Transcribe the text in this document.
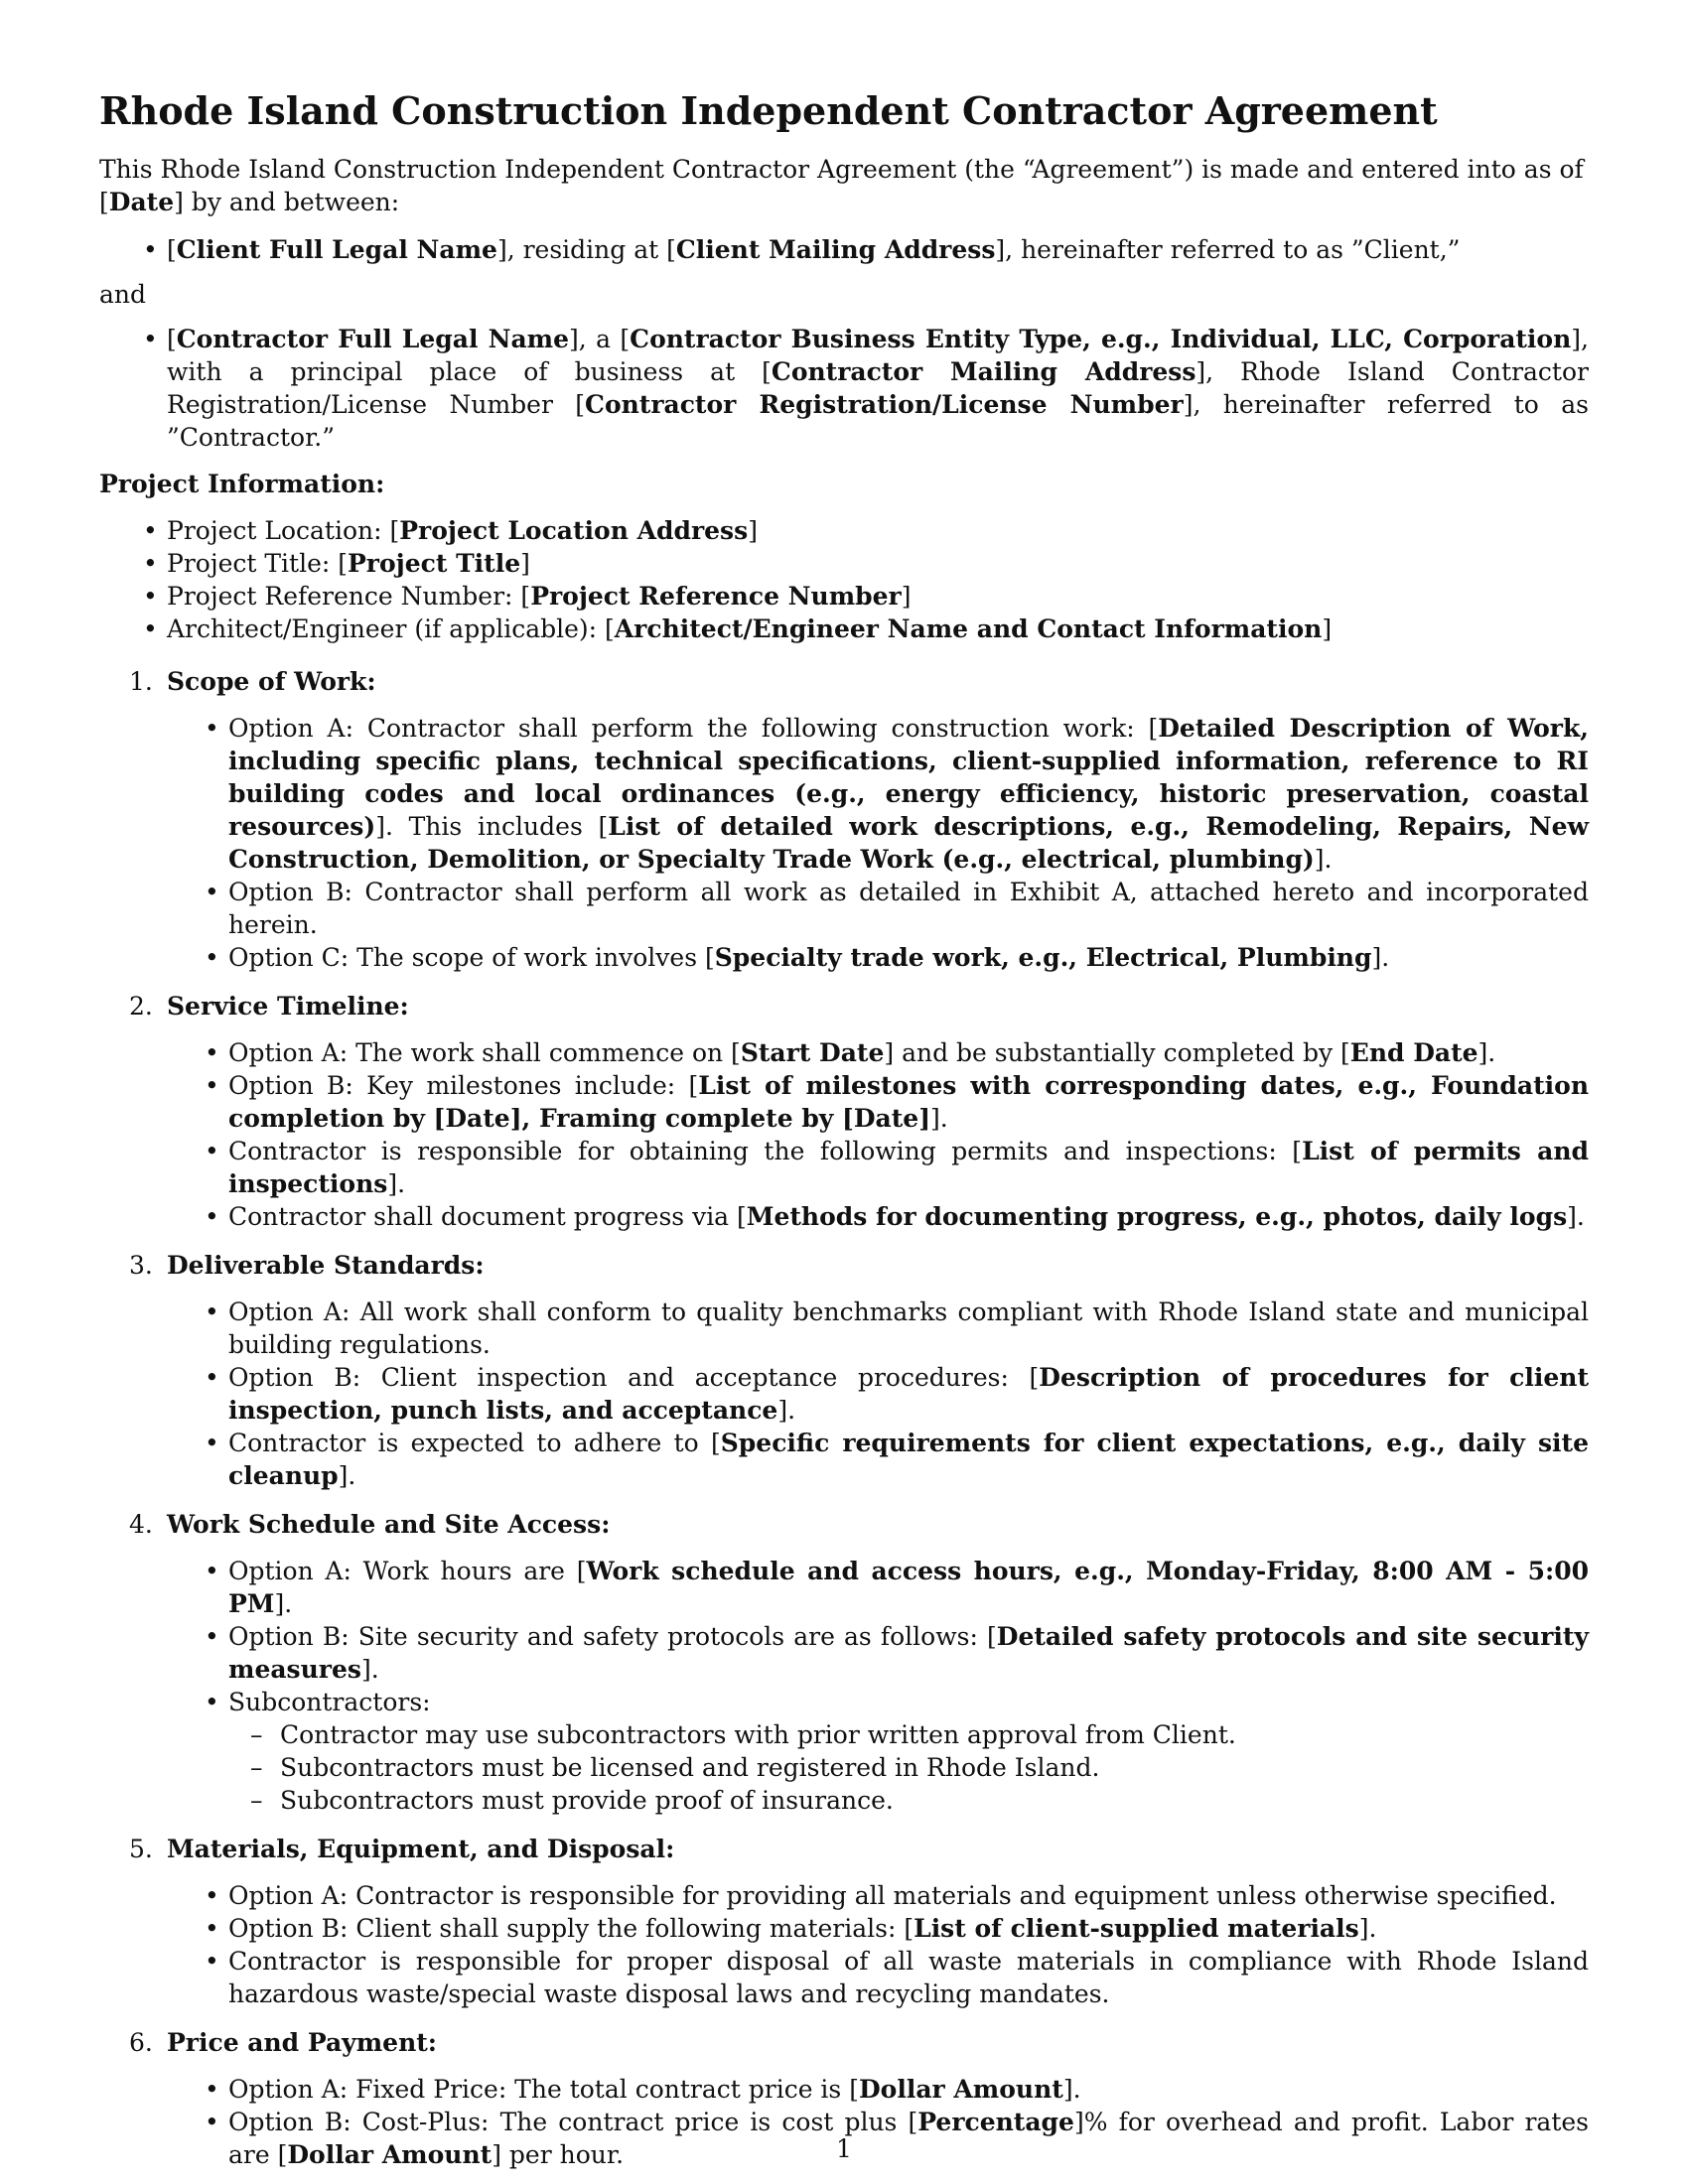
Rhode Island Construction Independent Contractor Agreement

This Rhode Island Construction Independent Contractor Agreement (the “Agreement”) is made and entered into as of [Date] by and between:

• [Client Full Legal Name], residing at [Client Mailing Address], hereinafter referred to as ”Client,”

and

• [Contractor Full Legal Name], a [Contractor Business Entity Type, e.g., Individual, LLC, Corporation], with a principal place of business at [Contractor Mailing Address], Rhode Island Contractor Registration/License Number [Contractor Registration/License Number], hereinafter referred to as ”Contractor.”

Project Information:

• Project Location: [Project Location Address]
• Project Title: [Project Title]
• Project Reference Number: [Project Reference Number]
• Architect/Engineer (if applicable): [Architect/Engineer Name and Contact Information]
1. Scope of Work:
• Option A: Contractor shall perform the following construction work: [Detailed Description of Work, including specific plans, technical specifications, client-supplied information, reference to RI building codes and local ordinances (e.g., energy efficiency, historic preservation, coastal resources)]. This includes [List of detailed work descriptions, e.g., Remodeling, Repairs, New Construction, Demolition, or Specialty Trade Work (e.g., electrical, plumbing)].
• Option B: Contractor shall perform all work as detailed in Exhibit A, attached hereto and incorporated herein.
• Option C: The scope of work involves [Specialty trade work, e.g., Electrical, Plumbing].
2. Service Timeline:
• Option A: The work shall commence on [Start Date] and be substantially completed by [End Date].
• Option B: Key milestones include: [List of milestones with corresponding dates, e.g., Foundation completion by [Date], Framing complete by [Date]].
• Contractor is responsible for obtaining the following permits and inspections: [List of permits and inspections].
• Contractor shall document progress via [Methods for documenting progress, e.g., photos, daily logs].
3. Deliverable Standards:
• Option A: All work shall conform to quality benchmarks compliant with Rhode Island state and municipal building regulations.
• Option B: Client inspection and acceptance procedures: [Description of procedures for client inspection, punch lists, and acceptance].
• Contractor is expected to adhere to [Specific requirements for client expectations, e.g., daily site cleanup].
4. Work Schedule and Site Access:
• Option A: Work hours are [Work schedule and access hours, e.g., Monday-Friday, 8:00 AM - 5:00 PM].
• Option B: Site security and safety protocols are as follows: [Detailed safety protocols and site security measures].
• Subcontractors:
– Contractor may use subcontractors with prior written approval from Client.
– Subcontractors must be licensed and registered in Rhode Island.
– Subcontractors must provide proof of insurance.
5. Materials, Equipment, and Disposal:
• Option A: Contractor is responsible for providing all materials and equipment unless otherwise specified.
• Option B: Client shall supply the following materials: [List of client-supplied materials].
• Contractor is responsible for proper disposal of all waste materials in compliance with Rhode Island hazardous waste/special waste disposal laws and recycling mandates.
6. Price and Payment:
• Option A: Fixed Price: The total contract price is [Dollar Amount].
• Option B: Cost-Plus: The contract price is cost plus [Percentage]% for overhead and profit. Labor rates are [Dollar Amount] per hour.	1
